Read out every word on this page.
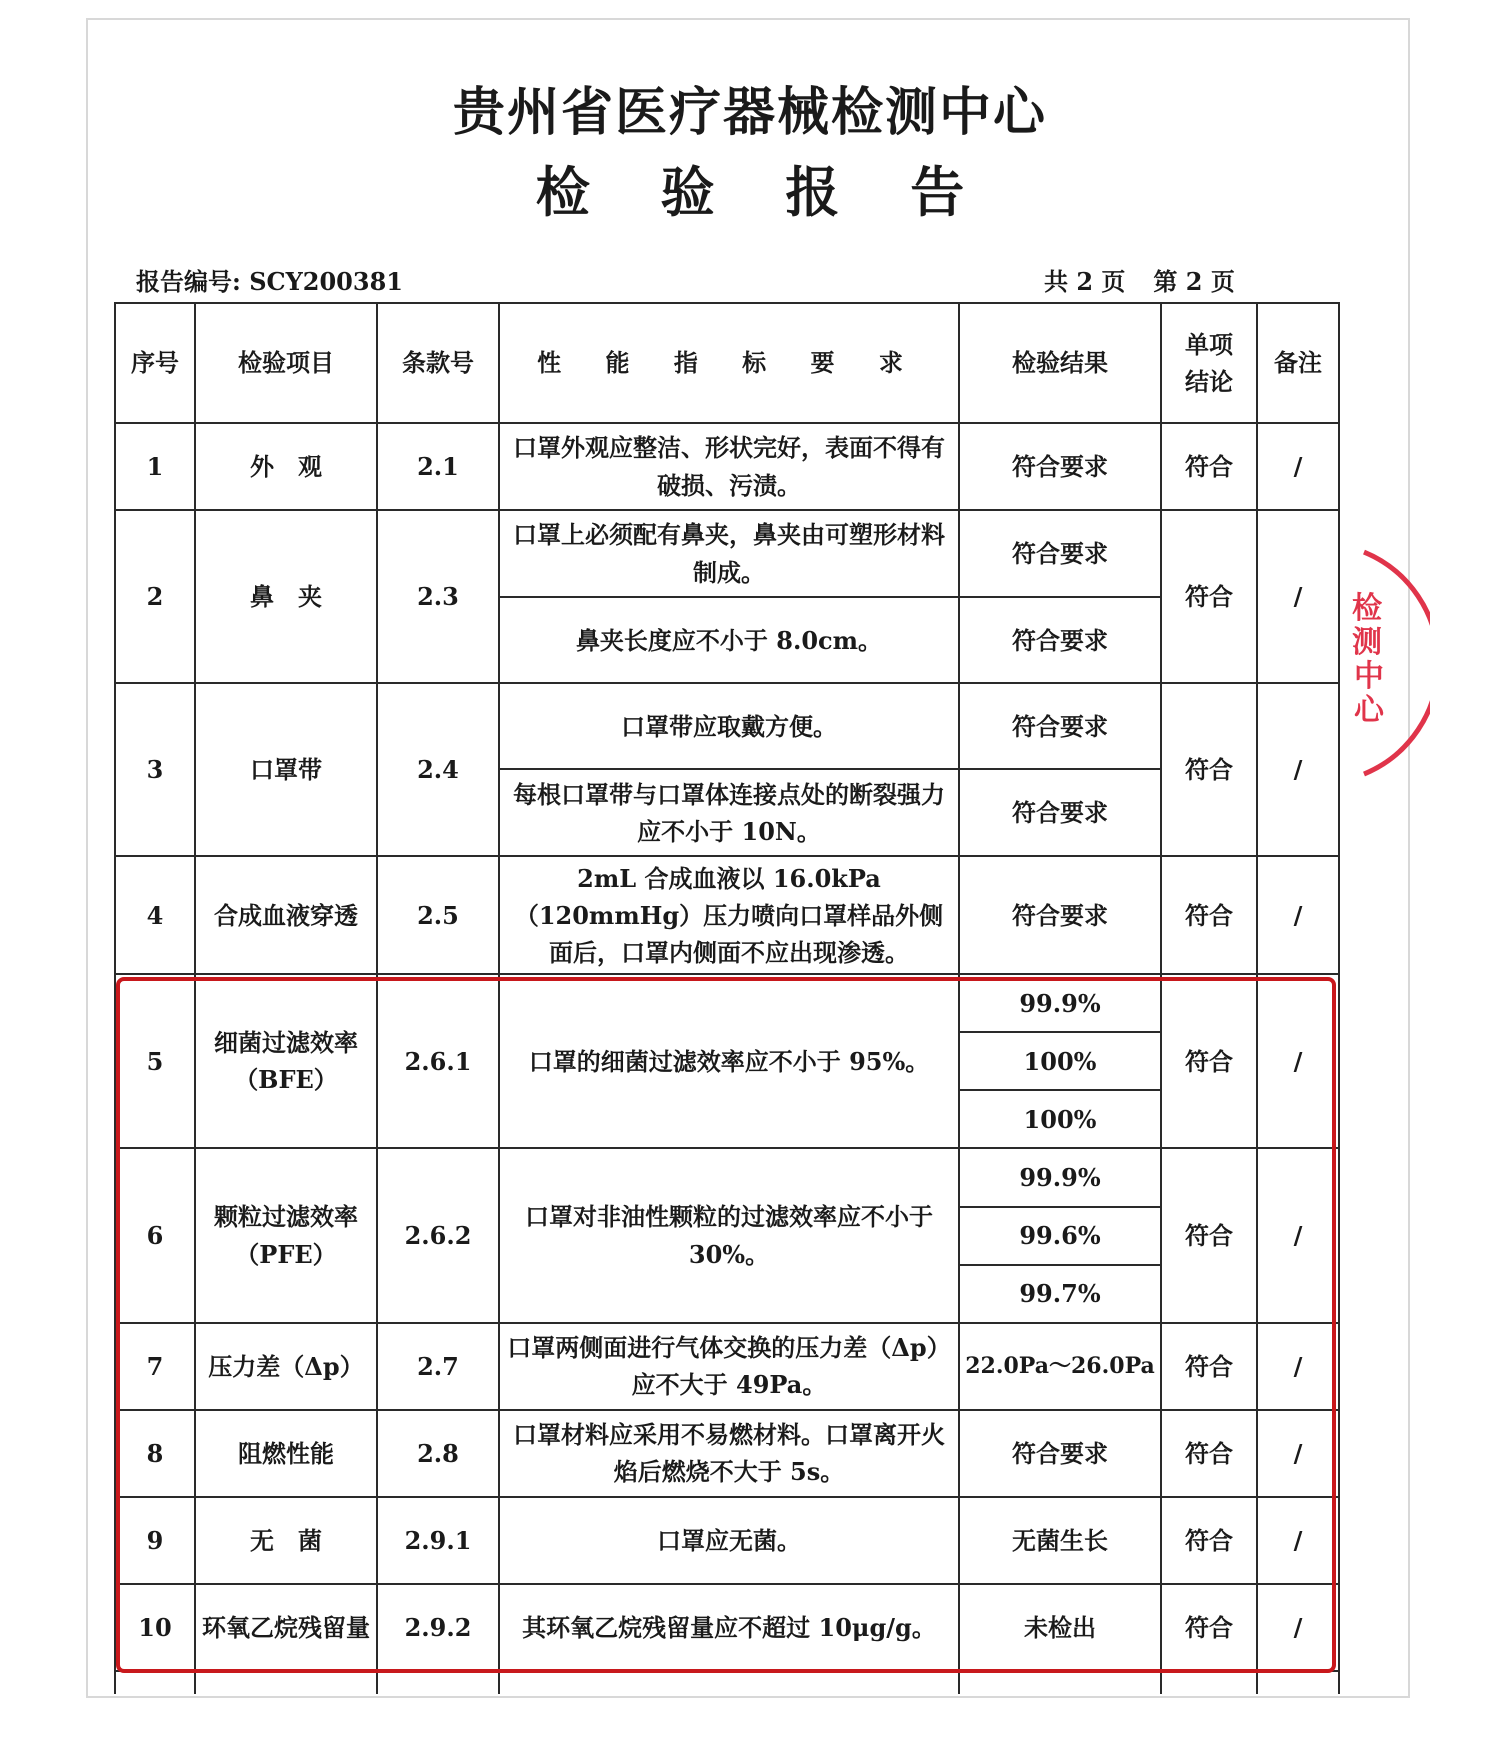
贵州省医疗器械检测中心
检 验 报 告
报告编号: SCY200381	共 2 页 第 2 页
序号	检验项目	条款号	性 能 指 标 要 求	检验结果	单项结论	备注
1	外　观	2.1	口罩外观应整洁、形状完好，表面不得有破损、污渍。	符合要求	符合	/
2	鼻　夹	2.3	口罩上必须配有鼻夹，鼻夹由可塑形材料制成。	符合要求	符合	/
			鼻夹长度应不小于 8.0cm。	符合要求		
3	口罩带	2.4	口罩带应取戴方便。	符合要求	符合	/
			每根口罩带与口罩体连接点处的断裂强力应不小于 10N。	符合要求		
4	合成血液穿透	2.5	2mL 合成血液以 16.0kPa（120mmHg）压力喷向口罩样品外侧面后，口罩内侧面不应出现渗透。	符合要求	符合	/
5	细菌过滤效率（BFE）	2.6.1	口罩的细菌过滤效率应不小于 95%。	99.9%	符合	/
				100%		
				100%		
6	颗粒过滤效率（PFE）	2.6.2	口罩对非油性颗粒的过滤效率应不小于 30%。	99.9%	符合	/
				99.6%		
				99.7%		
7	压力差（Δp）	2.7	口罩两侧面进行气体交换的压力差（Δp）应不大于 49Pa。	22.0Pa～26.0Pa	符合	/
8	阻燃性能	2.8	口罩材料应采用不易燃材料。口罩离开火焰后燃烧不大于 5s。	符合要求	符合	/
9	无　菌	2.9.1	口罩应无菌。	无菌生长	符合	/
10	环氧乙烷残留量	2.9.2	其环氧乙烷残留量应不超过 10μg/g。	未检出	符合	/

检
测
中
心
